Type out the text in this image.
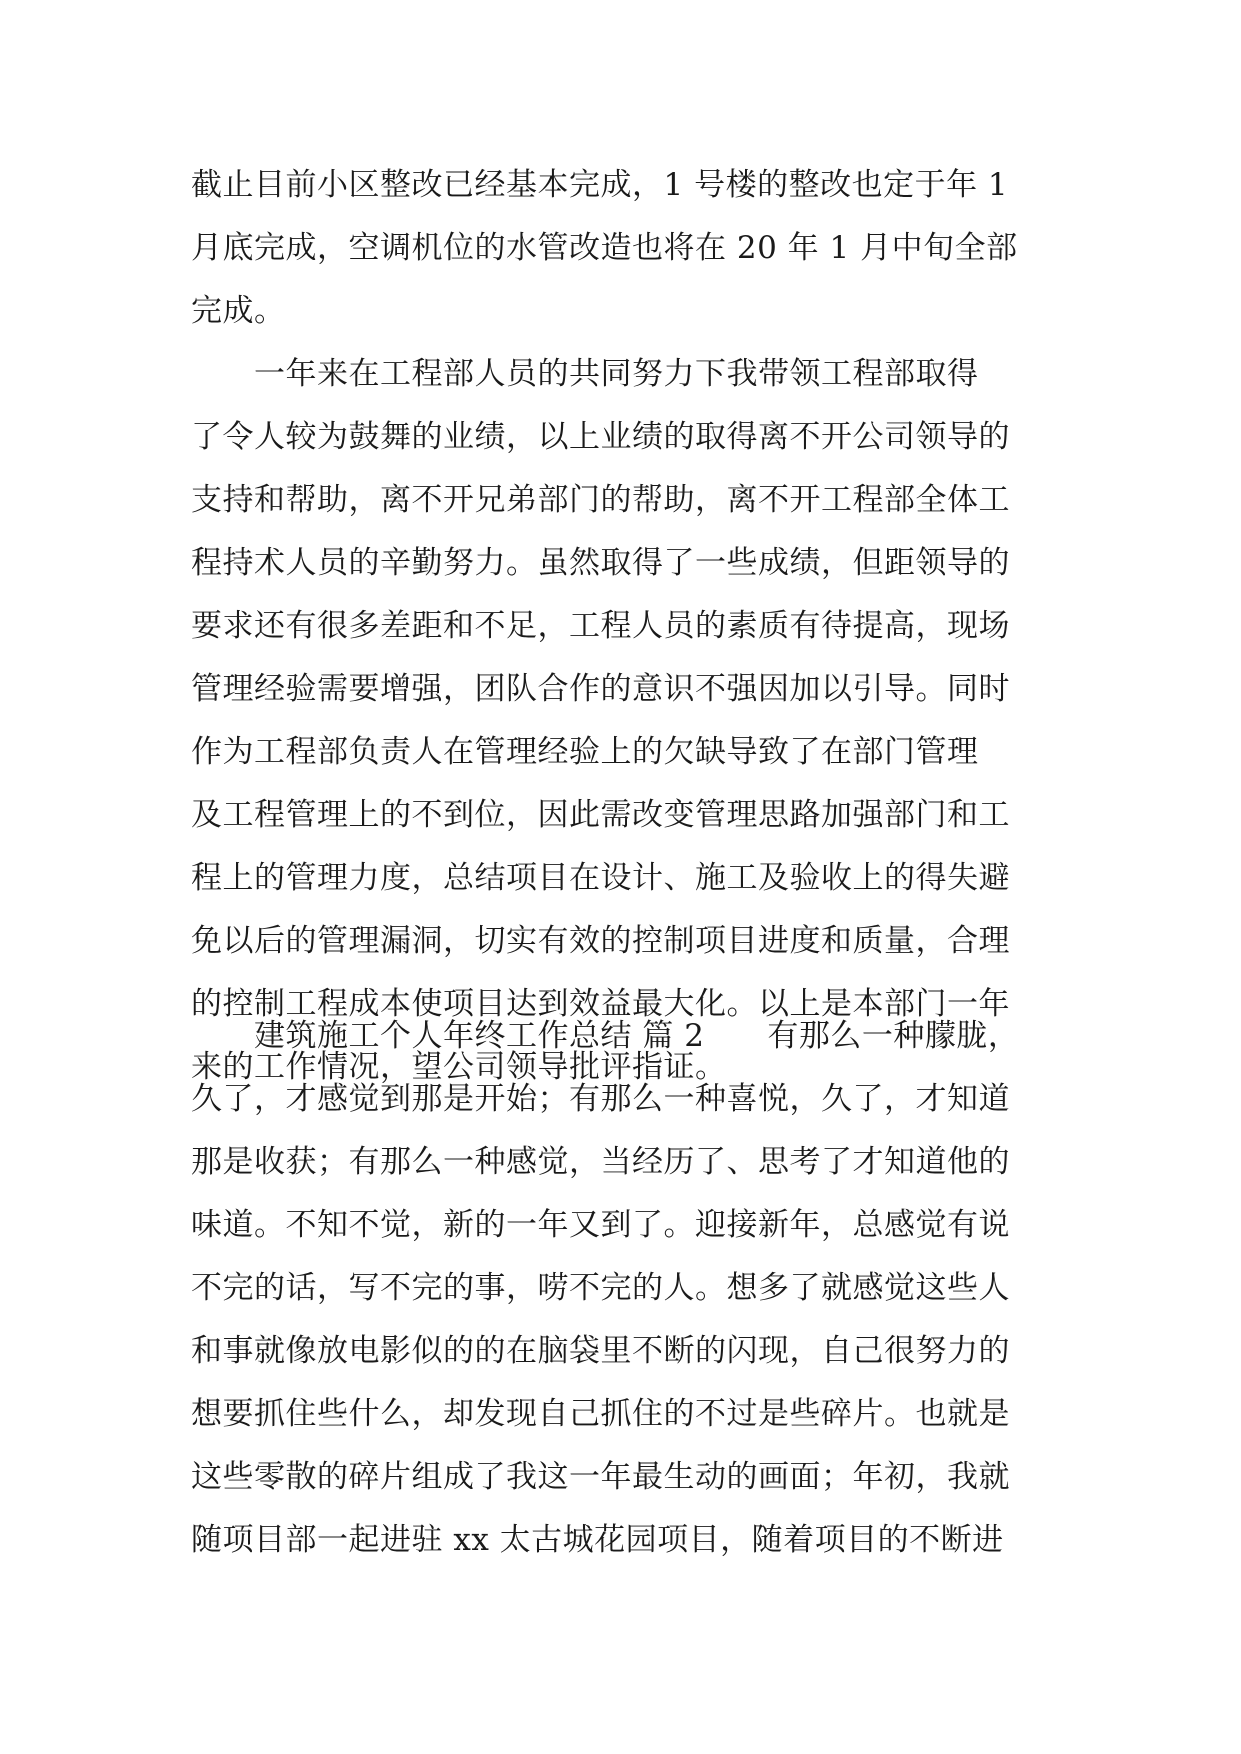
截止目前小区整改已经基本完成，1 号楼的整改也定于年 1
月底完成，空调机位的水管改造也将在 20 年 1 月中旬全部
完成。
　　一年来在工程部人员的共同努力下我带领工程部取得
了令人较为鼓舞的业绩，以上业绩的取得离不开公司领导的
支持和帮助，离不开兄弟部门的帮助，离不开工程部全体工
程持术人员的辛勤努力。虽然取得了一些成绩，但距领导的
要求还有很多差距和不足，工程人员的素质有待提高，现场
管理经验需要增强，团队合作的意识不强因加以引导。同时
作为工程部负责人在管理经验上的欠缺导致了在部门管理
及工程管理上的不到位，因此需改变管理思路加强部门和工
程上的管理力度，总结项目在设计、施工及验收上的得失避
免以后的管理漏洞，切实有效的控制项目进度和质量，合理
的控制工程成本使项目达到效益最大化。以上是本部门一年
来的工作情况，望公司领导批评指证。
　　建筑施工个人年终工作总结 篇 2　　有那么一种朦胧，
久了，才感觉到那是开始；有那么一种喜悦，久了，才知道
那是收获；有那么一种感觉，当经历了、思考了才知道他的
味道。不知不觉，新的一年又到了。迎接新年，总感觉有说
不完的话，写不完的事，唠不完的人。想多了就感觉这些人
和事就像放电影似的的在脑袋里不断的闪现，自己很努力的
想要抓住些什么，却发现自己抓住的不过是些碎片。也就是
这些零散的碎片组成了我这一年最生动的画面；年初，我就
随项目部一起进驻 xx 太古城花园项目，随着项目的不断进
